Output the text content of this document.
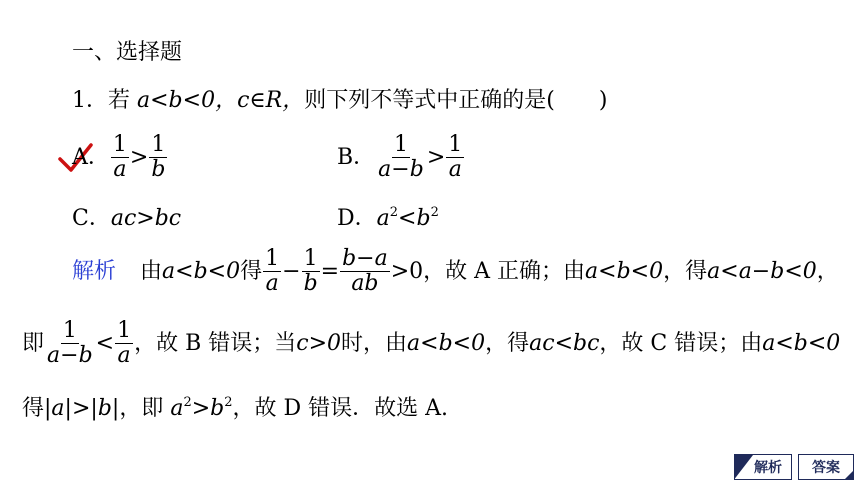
一、选择题
1．若 a<b<0，c∈R，则下列不等式中正确的是(　　)
A． $\frac{1}{a} > \frac{1}{b}$	B． $\frac{1}{a-b} > \frac{1}{a}$
C．ac>bc	D．$a^2<b^2$
解析 由 a<b<0 得 $\frac{1}{a} - \frac{1}{b} = \frac{b-a}{ab} >0$，故 A 正确；由 a<b<0 ，得 a<a−b<0 ，
即 $\frac{1}{a-b} < \frac{1}{a}$ ，故 B 错误；当 c>0 时，由 a<b<0 ，得 ac<bc ，故 C 错误；由 a<b<0
得|a|>|b|，即 $a^2>b^2$，故 D 错误．故选 A.
解析 答案
